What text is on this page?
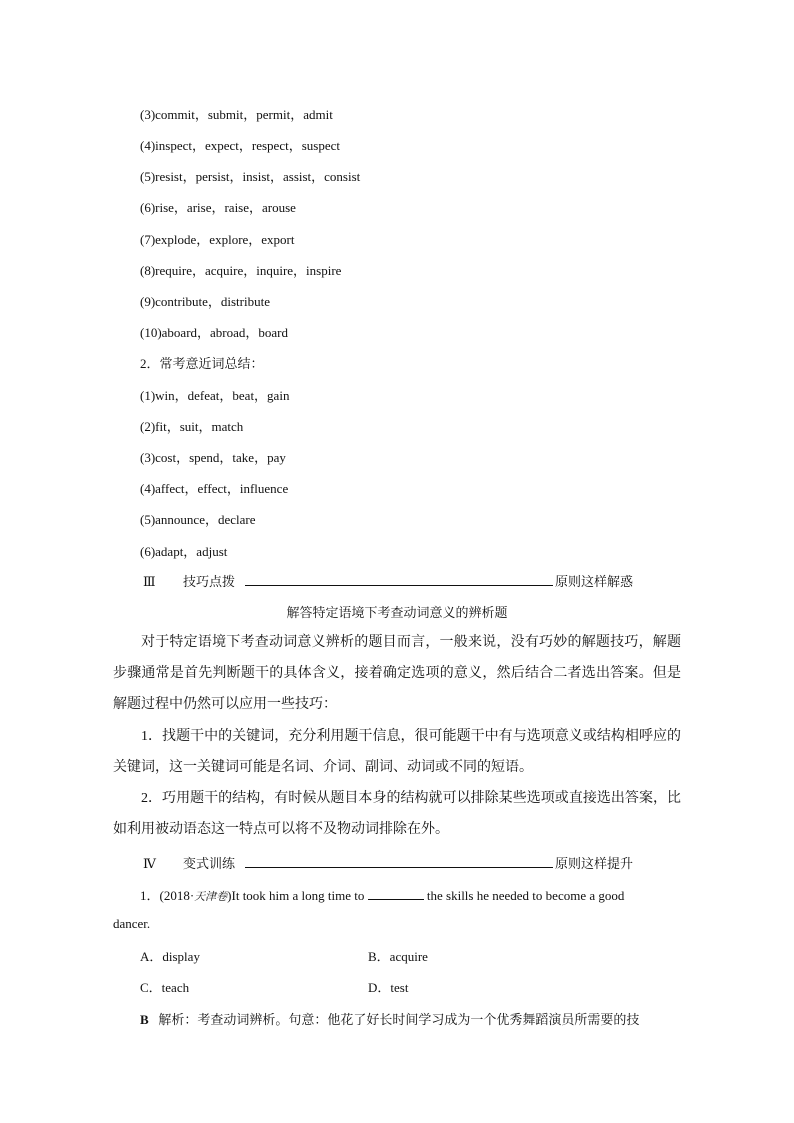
(3)commit，submit，permit，admit
(4)inspect，expect，respect，suspect
(5)resist，persist，insist，assist，consist
(6)rise，arise，raise，arouse
(7)explode，explore，export
(8)require，acquire，inquire，inspire
(9)contribute，distribute
(10)aboard，abroad，board
2．常考意近词总结：
(1)win，defeat，beat，gain
(2)fit，suit，match
(3)cost，spend，take，pay
(4)affect，effect，influence
(5)announce，declare
(6)adapt，adjust
Ⅲ 技巧点拨	原则这样解惑
解答特定语境下考查动词意义的辨析题
对于特定语境下考查动词意义辨析的题目而言，一般来说，没有巧妙的解题技巧，解题步骤通常是首先判断题干的具体含义，接着确定选项的意义，然后结合二者选出答案。但是解题过程中仍然可以应用一些技巧：
1．找题干中的关键词，充分利用题干信息，很可能题干中有与选项意义或结构相呼应的关键词，这一关键词可能是名词、介词、副词、动词或不同的短语。
2．巧用题干的结构，有时候从题目本身的结构就可以排除某些选项或直接选出答案，比如利用被动语态这一特点可以将不及物动词排除在外。
Ⅳ 变式训练	原则这样提升
1．(2018·天津卷)It took him a long time to	the skills he needed to become a good
dancer.
A．display	B．acquire
C．teach	D．test
B 解析：考查动词辨析。句意：他花了好长时间学习成为一个优秀舞蹈演员所需要的技
